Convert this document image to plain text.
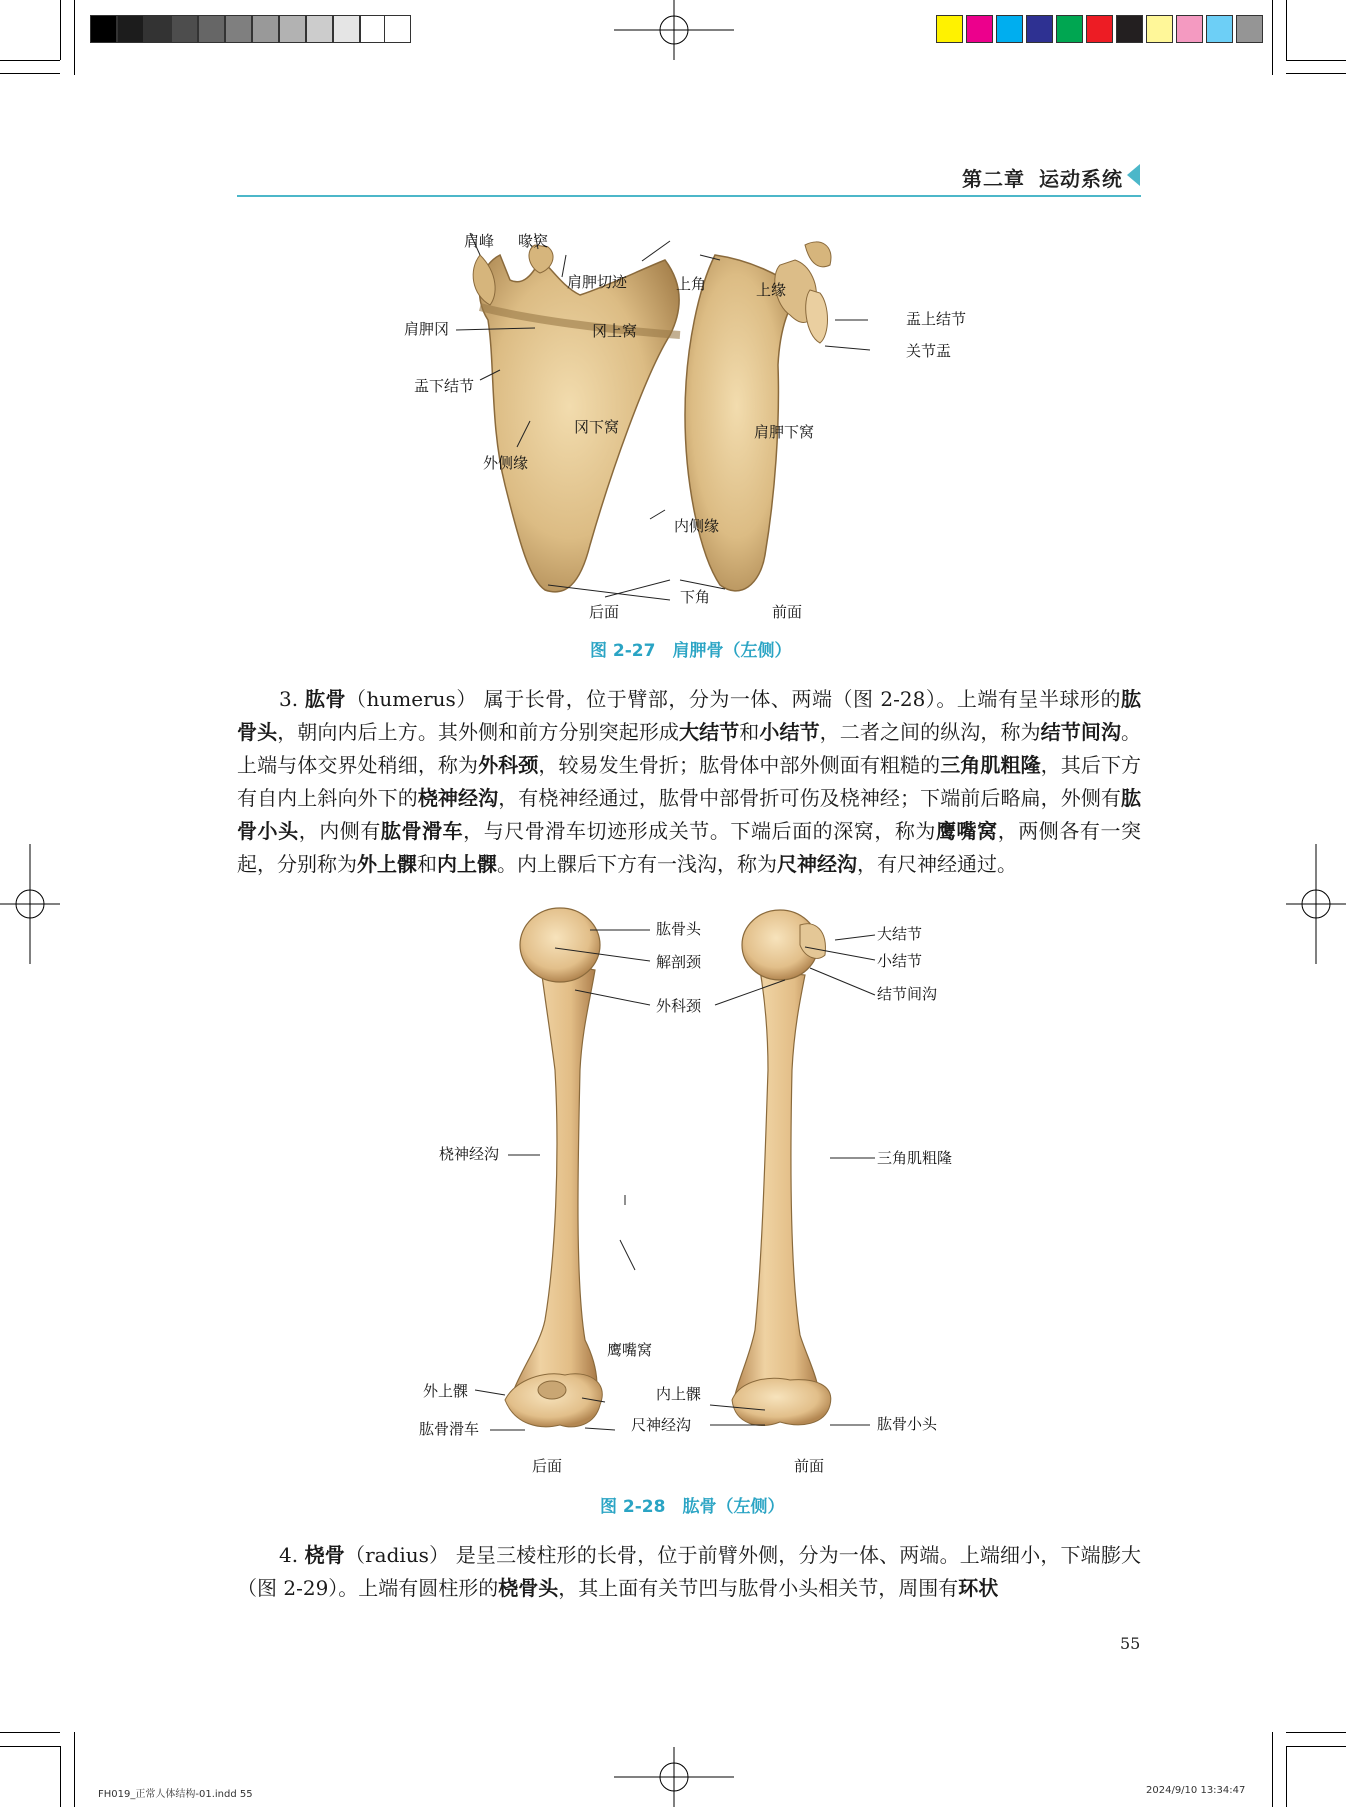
第二章 运动系统
肩峰 喙突
肩胛切迹	上角	上缘
盂上结节
关节盂
肩胛冈	冈上窝
盂下结节
冈下窝	肩胛下窝
外侧缘
内侧缘
下角
后面	前面
图 2-27　肩胛骨（左侧）

3. 肱骨（humerus） 属于长骨，位于臂部，分为一体、两端（图 2-28）。上端有呈半球形的肱骨头，朝向内后上方。其外侧和前方分别突起形成大结节和小结节，二者之间的纵沟，称为结节间沟。上端与体交界处稍细，称为外科颈，较易发生骨折；肱骨体中部外侧面有粗糙的三角肌粗隆，其后下方有自内上斜向外下的桡神经沟，有桡神经通过，肱骨中部骨折可伤及桡神经；下端前后略扁，外侧有肱骨小头，内侧有肱骨滑车，与尺骨滑车切迹形成关节。下端后面的深窝，称为鹰嘴窝，两侧各有一突起，分别称为外上髁和内上髁。内上髁后下方有一浅沟，称为尺神经沟，有尺神经通过。

肱骨头
解剖颈
外科颈
大结节
小结节
结节间沟
桡神经沟	三角肌粗隆
鹰嘴窝
外上髁	内上髁
肱骨滑车	尺神经沟	肱骨小头
后面	前面
图 2-28　肱骨（左侧）

4. 桡骨（radius） 是呈三棱柱形的长骨，位于前臂外侧，分为一体、两端。上端细小，下端膨大（图 2-29）。上端有圆柱形的桡骨头，其上面有关节凹与肱骨小头相关节，周围有环状

55
FH019_正常人体结构-01.indd 55	2024/9/10 13:34:47
